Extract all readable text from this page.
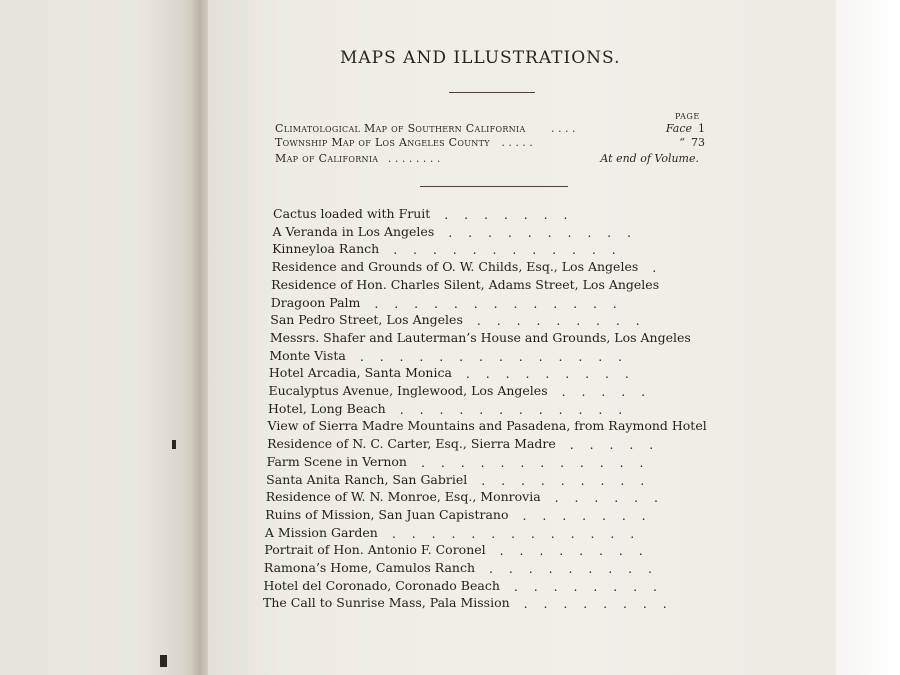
MAPS AND ILLUSTRATIONS.
PAGE
Climatological Map of Southern California . . . .	Face 1
Township Map of Los Angeles County . . . . .	“ 73
Map of California . . . . . . . .	At end of Volume.
Cactus loaded with Fruit .    .    .    .    .    .    .
A Veranda in Los Angeles .    .    .    .    .    .    .    .    .    .
Kinneyloa Ranch .    .    .    .    .    .    .    .    .    .    .    .
Residence and Grounds of O. W. Childs, Esq., Los Angeles .
Residence of Hon. Charles Silent, Adams Street, Los Angeles
Dragoon Palm .    .    .    .    .    .    .    .    .    .    .    .    .
San Pedro Street, Los Angeles .    .    .    .    .    .    .    .    .
Messrs. Shafer and Lauterman’s House and Grounds, Los Angeles
Monte Vista .    .    .    .    .    .    .    .    .    .    .    .    .    .
Hotel Arcadia, Santa Monica .    .    .    .    .    .    .    .    .
Eucalyptus Avenue, Inglewood, Los Angeles .    .    .    .    .
Hotel, Long Beach .    .    .    .    .    .    .    .    .    .    .    .
View of Sierra Madre Mountains and Pasadena, from Raymond Hotel
Residence of N. C. Carter, Esq., Sierra Madre .    .    .    .    .
Farm Scene in Vernon .    .    .    .    .    .    .    .    .    .    .    .
Santa Anita Ranch, San Gabriel .    .    .    .    .    .    .    .    .
Residence of W. N. Monroe, Esq., Monrovia .    .    .    .    .    .
Ruins of Mission, San Juan Capistrano .    .    .    .    .    .    .
A Mission Garden .    .    .    .    .    .    .    .    .    .    .    .    .
Portrait of Hon. Antonio F. Coronel .    .    .    .    .    .    .    .
Ramona’s Home, Camulos Ranch .    .    .    .    .    .    .    .    .
Hotel del Coronado, Coronado Beach .    .    .    .    .    .    .    .
The Call to Sunrise Mass, Pala Mission .    .    .    .    .    .    .    .
